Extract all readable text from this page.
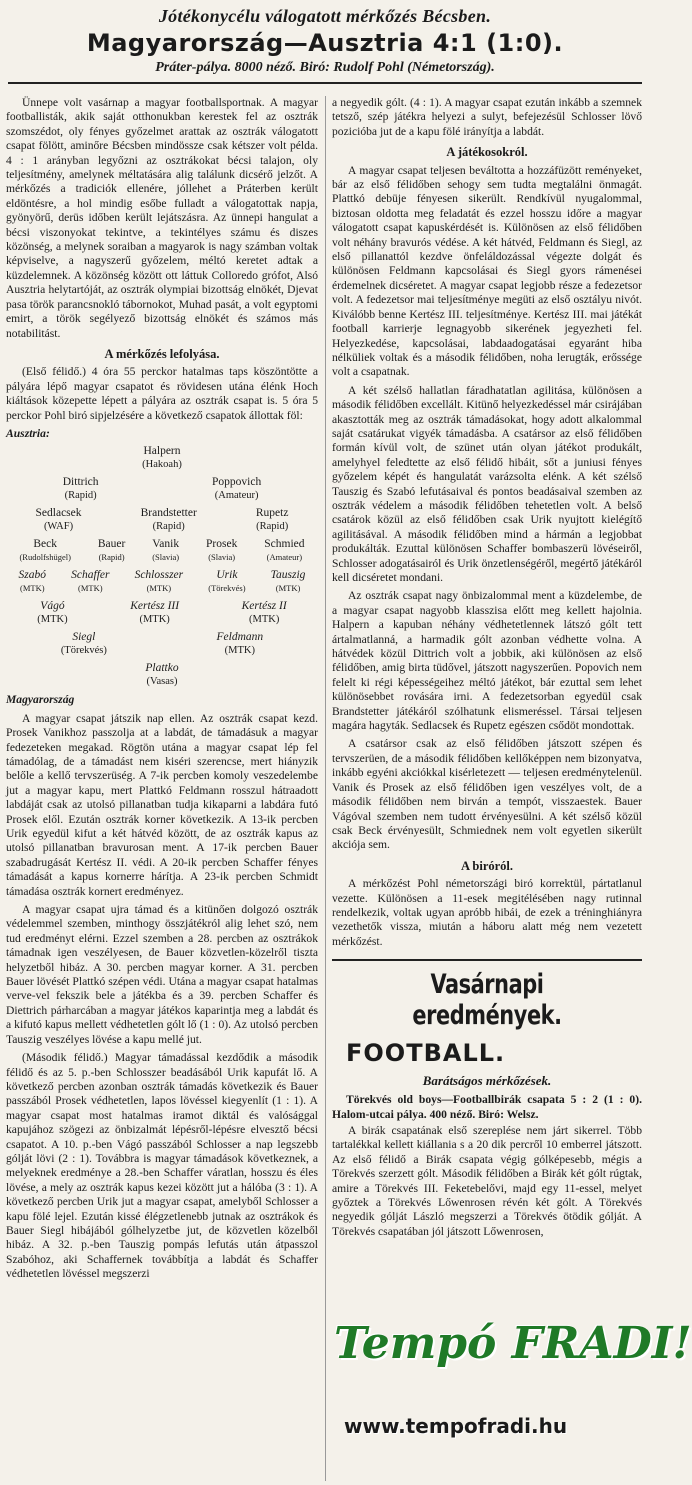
Jótékonycélu válogatott mérkőzés Bécsben.
Magyarország—Ausztria 4:1 (1:0).
Práter-pálya. 8000 néző. Biró: Rudolf Pohl (Németország).

Ünnepe volt vasárnap a magyar footballsportnak. A magyar footballisták, akik saját otthonukban kerestek fel az osztrák szomszédot, oly fényes győzelmet arattak az osztrák válogatott csapat fölött, aminőre Bécsben mindössze csak kétszer volt példa. 4 : 1 arányban legyőzni az osztrákokat bécsi talajon, oly teljesítmény, amelynek méltatására alig találunk dicsérő jelzőt. A mérkőzés a tradiciók ellenére, jóllehet a Práterben került eldöntésre, a hol mindig esőbe fulladt a válogatottak napja, gyönyörű, derüs időben került lejátszásra. Az ünnepi hangulat a bécsi viszonyokat tekintve, a tekintélyes számu és diszes közönség, a melynek soraiban a magyarok is nagy számban voltak képviselve, a nagyszerű győzelem, méltó keretet adtak a küzdelemnek. A közönség között ott láttuk Colloredo grófot, Alsó Ausztria helytartóját, az osztrák olympiai bizottság elnökét, Djevat pasa török parancsnokló tábornokot, Muhad pasát, a volt egyptomi emirt, a török segélyező bizottság elnökét és számos más notabilitást.

A mérkőzés lefolyása.

(Első félidő.) 4 óra 55 perckor hatalmas taps köszöntötte a pályára lépő magyar csapatot és rövidesen utána élénk Hoch kiáltások közepette lépett a pályára az osztrák csapat is. 5 óra 5 perckor Pohl biró sipjelzésére a következő csapatok állottak föl:

Ausztria:
Halpern
(Hakoah)
Dittrich
(Rapid)
Poppovich
(Amateur)
Sedlacsek
(WAF)
Brandstetter
(Rapid)
Rupetz
(Rapid)
Beck
(Rudolfshügel)
Bauer
(Rapid)
Vanik
(Slavia)
Prosek
(Slavia)
Schmied
(Amateur)
Szabó
(MTK)
Schaffer
(MTK)
Schlosszer
(MTK)
Urik
(Törekvés)
Tauszig
(MTK)
Vágó
(MTK)
Kertész III
(MTK)
Kertész II
(MTK)
Siegl
(Törekvés)
Feldmann
(MTK)
Plattko
(Vasas)
Magyarország

A magyar csapat játszik nap ellen. Az osztrák csapat kezd. Prosek Vanikhoz passzolja at a labdát, de támadásuk a magyar fedezeteken megakad. Rögtön utána a magyar csapat lép fel támadólag, de a támadást nem kiséri szerencse, mert hiányzik belőle a kellő tervszerüség. A 7-ik percben komoly veszedelembe jut a magyar kapu, mert Plattkó Feldmann rosszul hátraadott labdáját csak az utolsó pillanatban tudja kikaparni a labdára futó Prosek elől. Ezután osztrák korner következik. A 13-ik percben Urik egyedül kifut a két hátvéd között, de az osztrák kapus az utolsó pillanatban bravurosan ment. A 17-ik percben Bauer szabadrugását Kertész II. védi. A 20-ik percben Schaffer fényes támadását a kapus kornerre hárítja. A 23-ik percben Schmidt támadása osztrák kornert eredményez.

A magyar csapat ujra támad és a kitünően dolgozó osztrák védelemmel szemben, minthogy összjátékról alig lehet szó, nem tud eredményt elérni. Ezzel szemben a 28. percben az osztrákok támadnak igen veszélyesen, de Bauer közvetlen-közelről tiszta helyzetből hibáz. A 30. percben magyar korner. A 31. percben Bauer lövését Plattkó szépen védi. Utána a magyar csapat hatalmas verve-vel fekszik bele a játékba és a 39. percben Schaffer és Diettrich párharcában a magyar játékos kaparintja meg a labdát és a kifutó kapus mellett védhetetlen gólt lő (1 : 0). Az utolsó percben Tauszig veszélyes lövése a kapu mellé jut.

(Második félidő.) Magyar támadással kezdődik a második félidő és az 5. p.-ben Schlosszer beadásából Urik kapufát lő. A következő percben azonban osztrák támadás következik és Bauer passzából Prosek védhetetlen, lapos lövéssel kiegyenlít (1 : 1). A magyar csapat most hatalmas iramot diktál és valósággal kapujához szögezi az önbizalmát lépésről-lépésre elvesztő bécsi csapatot. A 10. p.-ben Vágó passzából Schlosser a nap legszebb gólját lövi (2 : 1). Továbbra is magyar támadások következnek, a melyeknek eredménye a 28.-ben Schaffer váratlan, hosszu és éles lövése, a mely az osztrák kapus kezei között jut a hálóba (3 : 1). A következő percben Urik jut a magyar csapat, amelyből Schlosser a kapu fölé lejel. Ezután kissé élégzetlenebb jutnak az osztrákok és Bauer Siegl hibájából gólhelyzetbe jut, de közvetlen közelből hibáz. A 32. p.-ben Tauszig pompás lefutás után átpasszol Szabóhoz, aki Schaffernek továbbítja a labdát és Schaffer védhetetlen lövéssel megszerzi

a negyedik gólt. (4 : 1). A magyar csapat ezután inkább a szemnek tetsző, szép játékra helyezi a sulyt, befejezésül Schlosser lövő pozicióba jut de a kapu fölé irányítja a labdát.

A játékosokról.

A magyar csapat teljesen beváltotta a hozzáfüzött reményeket, bár az első félidőben sehogy sem tudta megtalálni önmagát. Plattkó debüje fényesen sikerült. Rendkívül nyugalommal, biztosan oldotta meg feladatát és ezzel hosszu időre a magyar válogatott csapat kapuskérdését is. Különösen az első félidőben volt néhány bravurós védése. A két hátvéd, Feldmann és Siegl, az első pillanattól kezdve önfeláldozással végezte dolgát és különösen Feldmann kapcsolásai és Siegl gyors rámenései érdemelnek dicséretet. A magyar csapat legjobb része a fedezetsor volt. A fedezetsor mai teljesítménye megüti az első osztályu nivót. Kiválóbb benne Kertész III. teljesítménye. Kertész III. mai játékát football karrierje legnagyobb sikerének jegyezheti fel. Helyezkedése, kapcsolásai, labdaadogatásai egyaránt hiba nélküliek voltak és a második félidőben, noha lerugták, erőssége volt a csapatnak.

A két szélső hallatlan fáradhatatlan agilitása, különösen a második félidőben excellált. Kitünő helyezkedéssel már csirájában akasztották meg az osztrák támadásokat, hogy adott alkalommal saját csatárukat vigyék támadásba. A csatársor az első félidőben formán kívül volt, de szünet után olyan játékot produkált, amelyhyel feledtette az első félidő hibáit, sőt a juniusi fényes győzelem képét és hangulatát varázsolta elénk. A két szélső Tauszig és Szabó lefutásaival és pontos beadásaival szemben az osztrák védelem a második félidőben tehetetlen volt. A belső csatárok közül az első félidőben csak Urik nyujtott kielégítő agilitásával. A második félidőben mind a hármán a legjobbat produkálták. Ezuttal különösen Schaffer bombaszerü lövéseiről, Schlosser adogatásairól és Urik önzetlenségéről, megértő játékáról kell dicséretet mondani.

Az osztrák csapat nagy önbizalommal ment a küzdelembe, de a magyar csapat nagyobb klasszisa előtt meg kellett hajolnia. Halpern a kapuban néhány védhetetlennek látszó gólt tett ártalmatlanná, a harmadik gólt azonban védhette volna. A hátvédek közül Dittrich volt a jobbik, aki különösen az első félidőben, amig birta tüdővel, játszott nagyszerűen. Popovich nem felelt ki régi képességeihez méltó játékot, bár ezuttal sem lehet különösebbet rovására irni. A fedezetsorban egyedül csak Brandstetter játékáról szólhatunk elismeréssel. Társai teljesen magára hagyták. Sedlacsek és Rupetz egészen csődöt mondottak.

A csatársor csak az első félidőben játszott szépen és tervszerüen, de a második félidőben kellőképpen nem bizonyatva, inkább egyéni akciókkal kisérletezett — teljesen eredménytelenül. Vanik és Prosek az első félidőben igen veszélyes volt, de a második félidőben nem birván a tempót, visszaestek. Bauer Vágóval szemben nem tudott érvényesülni. A két szélső közül csak Beck érvényesült, Schmiednek nem volt egyetlen sikerült akciója sem.

A biróról.

A mérkőzést Pohl németországi biró korrektül, pártatlanul vezette. Különösen a 11-esek megitélésében nagy rutinnal rendelkezik, voltak ugyan apróbb hibái, de ezek a tréninghiányra vezethetők vissza, miután a háboru alatt még nem vezetett mérkőzést.

Vasárnapi eredmények.
FOOTBALL.
Barátságos mérkőzések.

Törekvés old boys—Footballbirák csapata 5 : 2 (1 : 0). Halom-utcai pálya. 400 néző. Biró: Welsz.

A birák csapatának első szereplése nem járt sikerrel. Több tartalékkal kellett kiállania s a 20 dik percről 10 emberrel játszott. Az első félidő a Birák csapata végig gólképesebb, mégis a Törekvés szerzett gólt. Második félidőben a Birák két gólt rúgtak, amire a Törekvés III. Feketebelővi, majd egy 11-essel, melyet győztek a Törekvés Lőwenrosen révén két gólt. A Törekvés negyedik gólját László megszerzi a Törekvés ötödik gólját. A Törekvés csapatában jól játszott Lőwenrosen,

Tempó FRADI!
www.tempofradi.hu
